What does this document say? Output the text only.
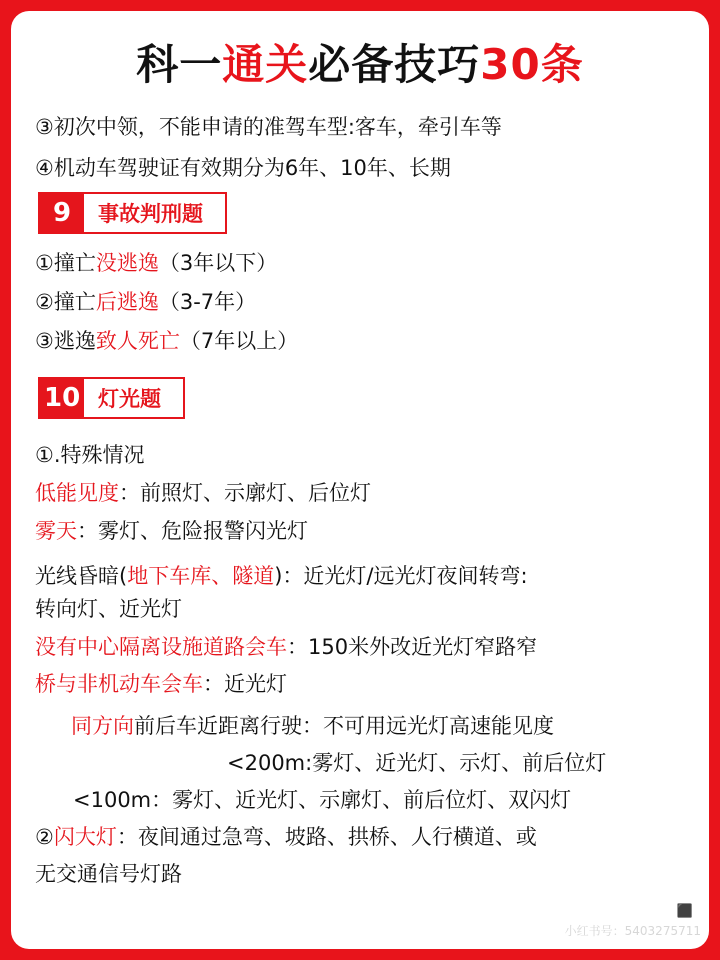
科一通关必备技巧30条
③初次中领，不能申请的准驾车型:客车，牵引车等
④机动车驾驶证有效期分为6年、10年、长期
9	事故判刑题
①撞亡没逃逸（3年以下）
②撞亡后逃逸（3-7年）
③逃逸致人死亡（7年以上）
10 灯光题
①.特殊情况
低能见度：前照灯、示廓灯、后位灯
雾天：雾灯、危险报警闪光灯
光线昏暗(地下车库、隧道)：近光灯/远光灯夜间转弯:
转向灯、近光灯
没有中心隔离设施道路会车：150米外改近光灯窄路窄
桥与非机动车会车：近光灯
同方向前后车近距离行驶：不可用远光灯高速能见度
<200m:雾灯、近光灯、示灯、前后位灯
<100m：雾灯、近光灯、示廓灯、前后位灯、双闪灯
②闪大灯：夜间通过急弯、坡路、拱桥、人行横道、或
无交通信号灯路
⬛
小红书号：5403275711
